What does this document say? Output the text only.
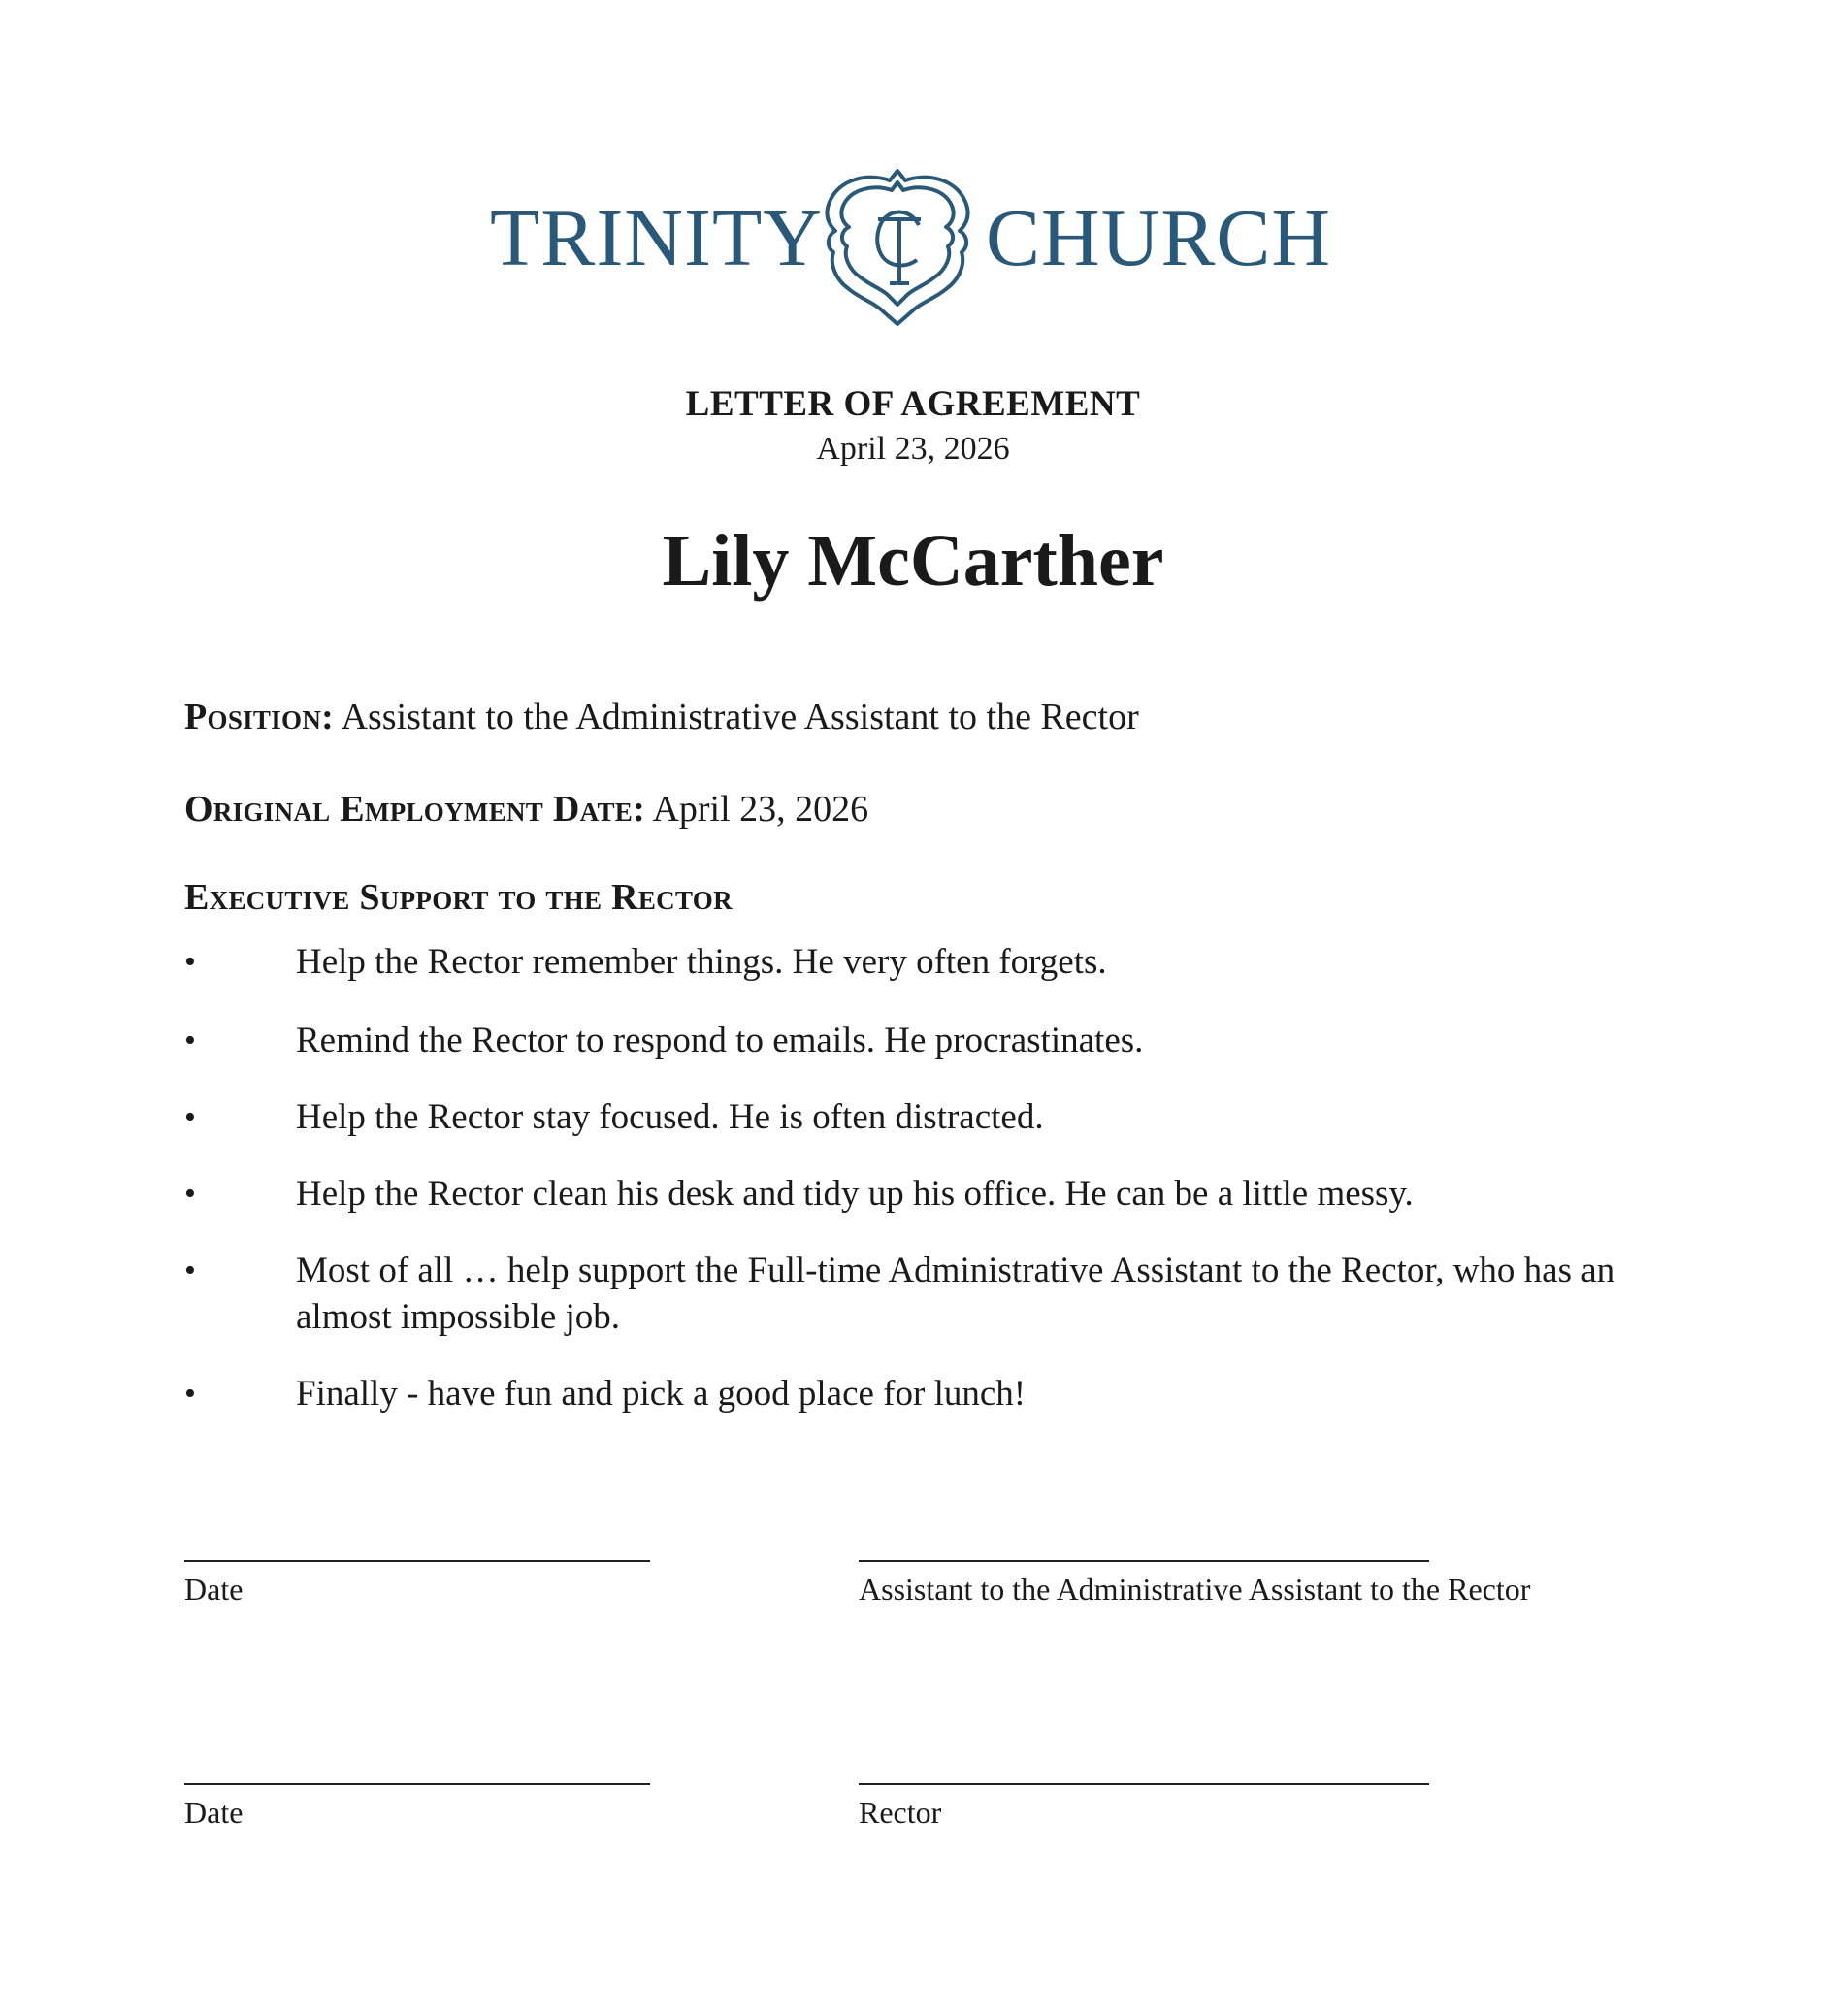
TRINITY CHURCH
LETTER OF AGREEMENT
April 23, 2026
Lily McCarther
Position: Assistant to the Administrative Assistant to the Rector
Original Employment Date: April 23, 2026
Executive Support to the Rector
•	Help the Rector remember things. He very often forgets.
•	Remind the Rector to respond to emails. He procrastinates.
•	Help the Rector stay focused. He is often distracted.
•	Help the Rector clean his desk and tidy up his office. He can be a little messy.
•	Most of all … help support the Full-time Administrative Assistant to the Rector, who has an almost impossible job.
•	Finally - have fun and pick a good place for lunch!
Date	Assistant to the Administrative Assistant to the Rector
Date	Rector
